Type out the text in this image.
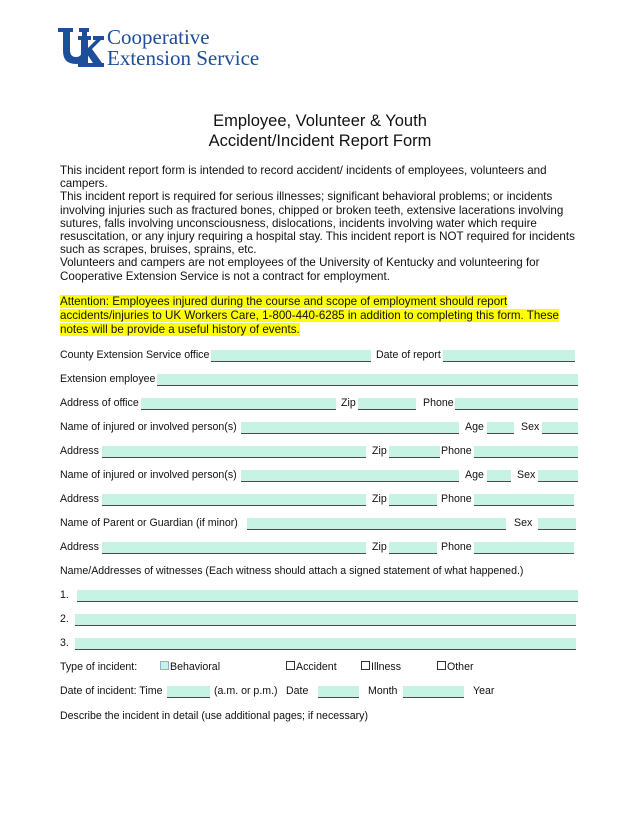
Cooperative
Extension Service
Employee, Volunteer & Youth
Accident/Incident Report Form

This incident report form is intended to record accident/ incidents of employees, volunteers and campers.

This incident report is required for serious illnesses; significant behavioral problems; or incidents involving injuries such as fractured bones, chipped or broken teeth, extensive lacerations involving sutures, falls involving unconsciousness, dislocations, incidents involving water which require resuscitation, or any injury requiring a hospital stay. This incident report is NOT required for incidents such as scrapes, bruises, sprains, etc.

Volunteers and campers are not employees of the University of Kentucky and volunteering for Cooperative Extension Service is not a contract for employment.

Attention: Employees injured during the course and scope of employment should report accidents/injuries to UK Workers Care, 1-800-440-6285 in addition to completing this form. These notes will be provide a useful history of events.
County Extension Service office	Date of report
Extension employee
Address of office	Zip	Phone
Name of injured or involved person(s)	Age	Sex
Address	Zip	Phone
Name of injured or involved person(s)	Age	Sex
Address	Zip	Phone
Name of Parent or Guardian (if minor)	Sex
Address	Zip	Phone
Name/Addresses of witnesses (Each witness should attach a signed statement of what happened.)
1.
2.
3.
Type of incident:	Behavioral	Accident	Illness	Other
Date of incident: Time	(a.m. or p.m.) Date	Month	Year
Describe the incident in detail (use additional pages; if necessary)
